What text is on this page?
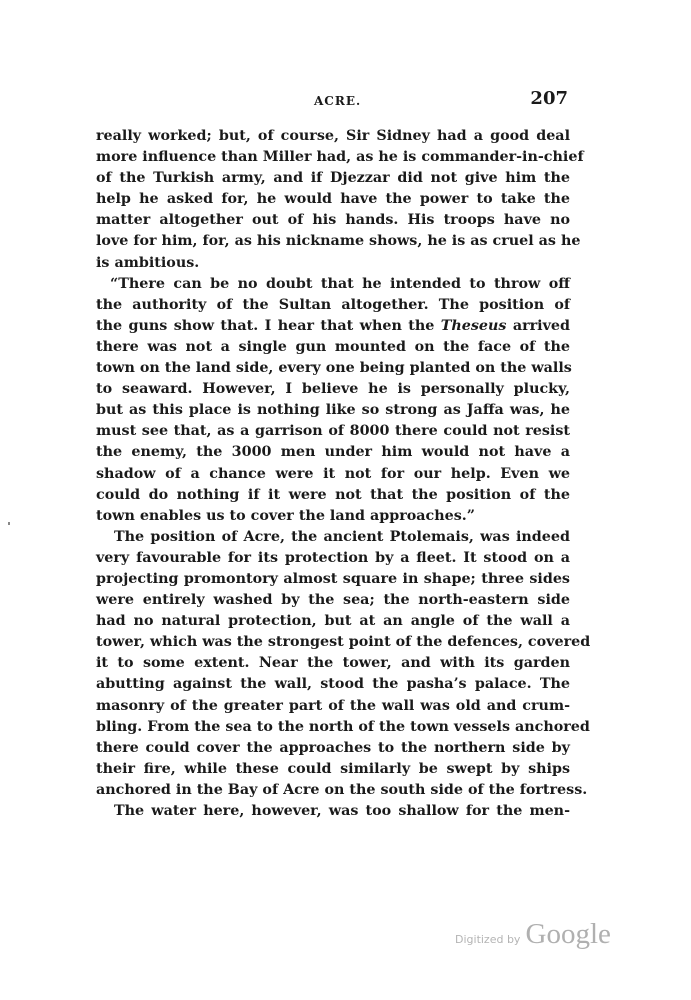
ACRE.	207
really worked; but, of course, Sir Sidney had a good deal
more influence than Miller had, as he is commander-in-chief
of the Turkish army, and if Djezzar did not give him the
help he asked for, he would have the power to take the
matter altogether out of his hands. His troops have no
love for him, for, as his nickname shows, he is as cruel as he
is ambitious.
“There can be no doubt that he intended to throw off
the authority of the Sultan altogether. The position of
the guns show that. I hear that when the Theseus arrived
there was not a single gun mounted on the face of the
town on the land side, every one being planted on the walls
to seaward. However, I believe he is personally plucky,
but as this place is nothing like so strong as Jaffa was, he
must see that, as a garrison of 8000 there could not resist
the enemy, the 3000 men under him would not have a
shadow of a chance were it not for our help. Even we
could do nothing if it were not that the position of the
town enables us to cover the land approaches.”
The position of Acre, the ancient Ptolemais, was indeed
very favourable for its protection by a fleet. It stood on a
projecting promontory almost square in shape; three sides
were entirely washed by the sea; the north-eastern side
had no natural protection, but at an angle of the wall a
tower, which was the strongest point of the defences, covered
it to some extent. Near the tower, and with its garden
abutting against the wall, stood the pasha’s palace. The
masonry of the greater part of the wall was old and crum-
bling. From the sea to the north of the town vessels anchored
there could cover the approaches to the northern side by
their fire, while these could similarly be swept by ships
anchored in the Bay of Acre on the south side of the fortress.
The water here, however, was too shallow for the men-
Digitized by Google
